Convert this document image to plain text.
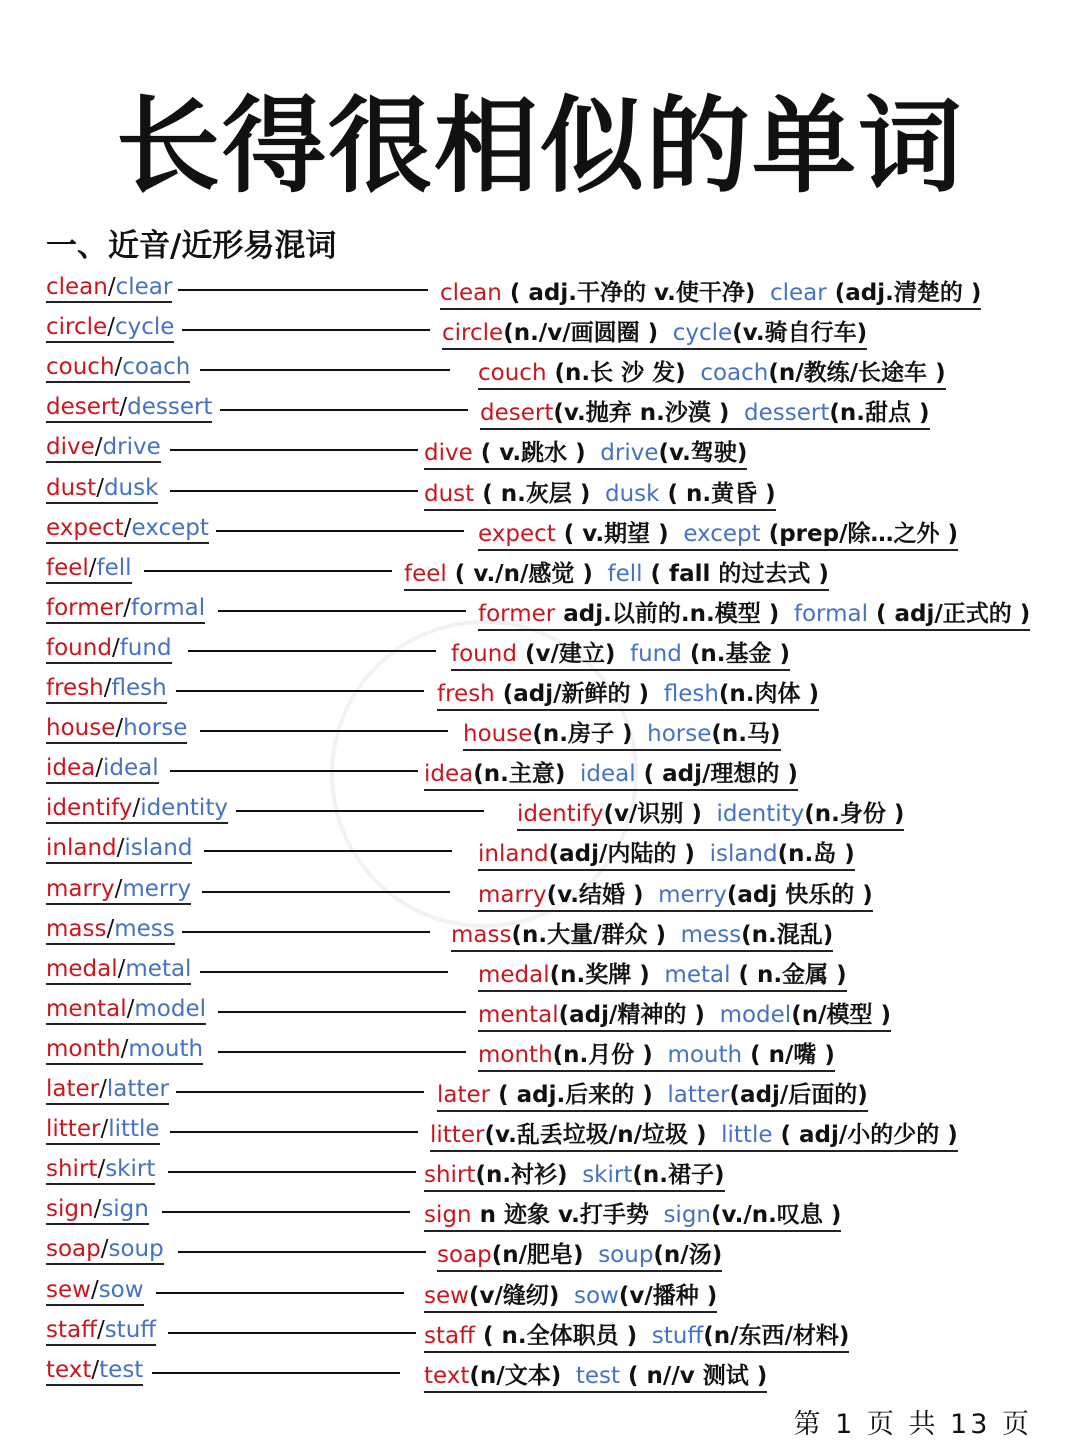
长得很相似的单词
一、近音/近形易混词
clean/clear	clean ( adj.干净的 v.使干净) clear (adj.清楚的 )
circle/cycle	circle(n./v/画圆圈 ) cycle(v.骑自行车)
couch/coach	couch (n.长 沙 发) coach(n/教练/长途车 )
desert/dessert	desert(v.抛弃 n.沙漠 ) dessert(n.甜点 )
dive/drive	dive ( v.跳水 ) drive(v.驾驶)
dust/dusk	dust ( n.灰层 ) dusk ( n.黄昏 )
expect/except	expect ( v.期望 ) except (prep/除…之外 )
feel/fell	feel ( v./n/感觉 ) fell ( fall 的过去式 )
former/formal	former adj.以前的.n.模型 ) formal ( adj/正式的 )
found/fund	found (v/建立) fund (n.基金 )
fresh/flesh	fresh (adj/新鲜的 ) flesh(n.肉体 )
house/horse	house(n.房子 ) horse(n.马)
idea/ideal	idea(n.主意) ideal ( adj/理想的 )
identify/identity	identify(v/识别 ) identity(n.身份 )
inland/island	inland(adj/内陆的 ) island(n.岛 )
marry/merry	marry(v.结婚 ) merry(adj 快乐的 )
mass/mess	mass(n.大量/群众 ) mess(n.混乱)
medal/metal	medal(n.奖牌 ) metal ( n.金属 )
mental/model	mental(adj/精神的 ) model(n/模型 )
month/mouth	month(n.月份 ) mouth ( n/嘴 )
later/latter	later ( adj.后来的 ) latter(adj/后面的)
litter/little	litter(v.乱丢垃圾/n/垃圾 ) little ( adj/小的少的 )
shirt/skirt	shirt(n.衬衫) skirt(n.裙子)
sign/sign	sign n 迹象 v.打手势 sign(v./n.叹息 )
soap/soup	soap(n/肥皂) soup(n/汤)
sew/sow	sew(v/缝纫) sow(v/播种 )
staff/stuff	staff ( n.全体职员 ) stuff(n/东西/材料)
text/test	text(n/文本) test ( n//v 测试 )
第 1 页 共 13 页
